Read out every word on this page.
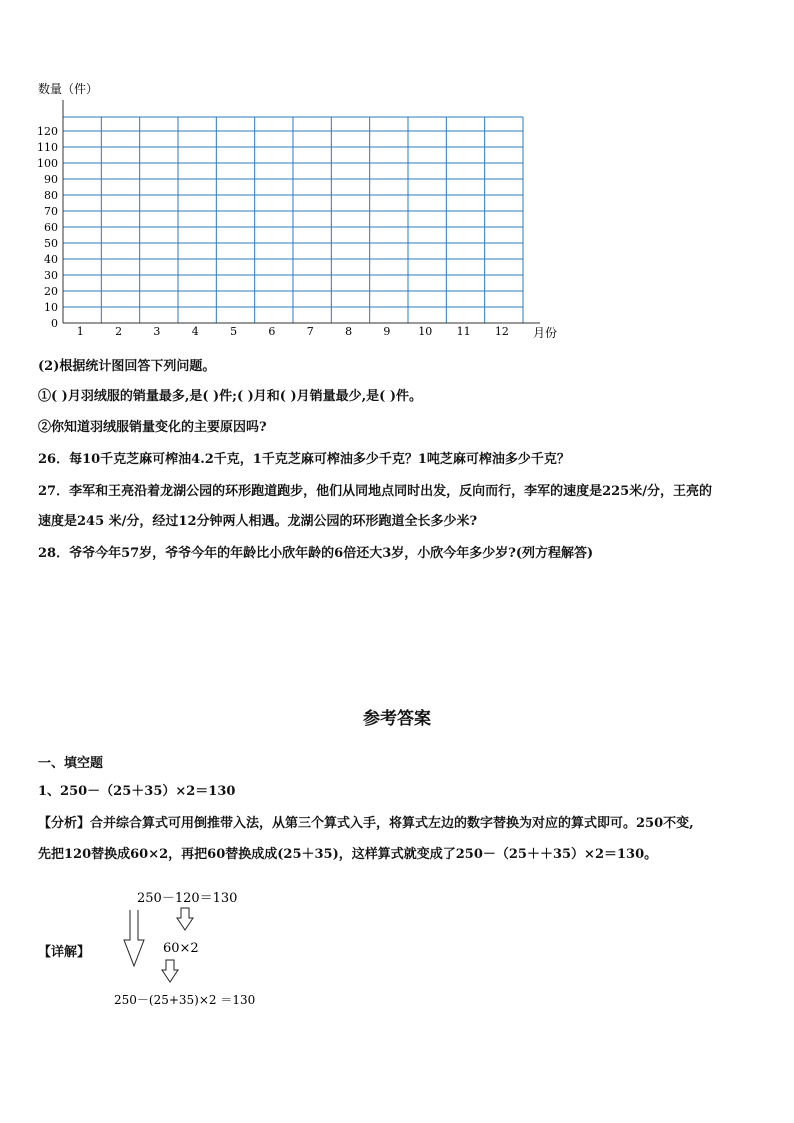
数量（件）
月份
1	2	3	4	5	6	7	8	9	10 11 12
0
10
20
30
40
50
60
70
80
90
100
110
120
(2)根据统计图回答下列问题。
①( )月羽绒服的销量最多,是( )件;( )月和( )月销量最少,是( )件。
②你知道羽绒服销量变化的主要原因吗?
26．每10千克芝麻可榨油4.2千克，1千克芝麻可榨油多少千克？1吨芝麻可榨油多少千克？
27．李军和王亮沿着龙湖公园的环形跑道跑步，他们从同地点同时出发，反向而行，李军的速度是225米/分，王亮的
速度是245 米/分，经过12分钟两人相遇。龙湖公园的环形跑道全长多少米?
28．爷爷今年57岁，爷爷今年的年龄比小欣年龄的6倍还大3岁，小欣今年多少岁?(列方程解答)
参考答案
一、填空题
1、250－（25＋35）×2＝130
【分析】合并综合算式可用倒推带入法，从第三个算式入手，将算式左边的数字替换为对应的算式即可。250不变,
先把120替换成60×2，再把60替换成成(25＋35)，这样算式就变成了250－（25＋＋35）×2＝130。
【详解】
250－120＝130
60×2
250－(25+35)×2 ＝130
